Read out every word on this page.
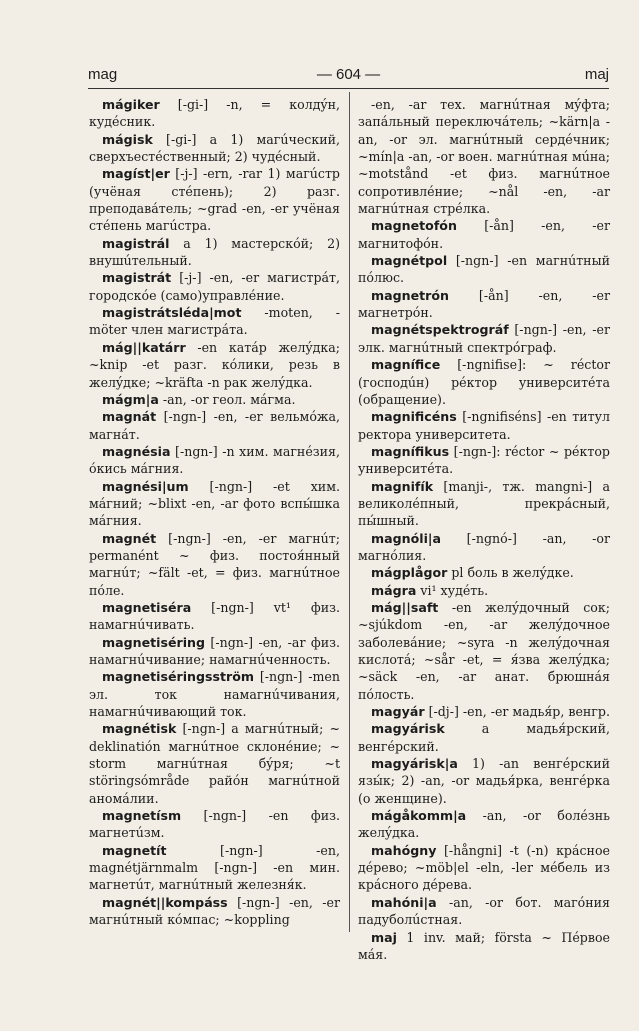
mag	— 604 —	maj

mágiker [-gi-] -n, = колдýн, кудéсник.

mágisk [-gi-] a 1) магúческий, сверхъестéственный; 2) чудéсный.

magíst|er [-j-] -ern, -rar 1) магúстр (учёная стéпень); 2) разг. преподавáтель; ~grad -en, -er учёная стéпень магúстра.

magistrál a 1) мастерскóй; 2) внушúтельный.

magistrát [-j-] -en, -er магистрáт, городскóе (само)управлéние.

magistrátsléda|mot -moten, -möter член магистрáта.

mág||katárr -en катáр желýдка; ~knip -et разг. кóлики, резь в желýдке; ~kräfta -n рак желýдка.

mágm|a -an, -or геол. мáгма.

magnát [-ngn-] -en, -er вельмóжа, магнáт.

magnésia [-ngn-] -n хим. магнéзия, óкись мáгния.

magnési|um [-ngn-] -et хим. мáгний; ~blixt -en, -ar фото вспы́шка мáгния.

magnét [-ngn-] -en, -er магнúт; permanént ~ физ. постоя́нный магнúт; ~fält -et, = физ. магнúтное пóле.

magnetiséra [-ngn-] vt¹ физ. намагнúчивать.

magnetiséring [-ngn-] -en, -ar физ. намагнúчивание; намагнúченность.

magnetiséringsström [-ngn-] -men эл. ток намагнúчивания, намагнúчивающий ток.

magnétisk [-ngn-] a магнúтный; ~ deklinatión магнúтное склонéние; ~ storm магнúтная бýря; ~t störingsómråde райóн магнúтной аномáлии.

magnetísm [-ngn-] -en физ. магнетúзм.

magnetít [-ngn-] -en, magnétjärnmalm [-ngn-] -en мин. магнетúт, магнúтный железня́к.

magnét||kompáss [-ngn-] -en, -er магнúтный кóмпас; ~koppling

-en, -ar тех. магнúтная мýфта; запáльный переключáтель; ~kärn|a -an, -or эл. магнúтный сердéчник; ~mín|a -an, -or воен. магнúтная мúна; ~motstånd -et физ. магнúтное сопротивлéние; ~nål -en, -ar магнúтная стрéлка.

magnetofón [-ån] -en, -er магнитофóн.

magnétpol [-ngn-] -en магнúтный пóлюс.

magnetrón [-ån] -en, -er магнетрóн.

magnétspektrográf [-ngn-] -en, -er элк. магнúтный спектрóграф.

magnífice [-ngnifise]: ~ réctor (господúн) рéктор университéта (обращение).

magnificéns [-ngnifiséns] -en титул ректора университета.

magnífikus [-ngn-]: réctor ~ рéктор университéта.

magnifík [manji-, тж. mangni-] a великолéпный, прекрáсный, пы́шный.

magnóli|a [-ngnó-] -an, -or магнóлия.

mágplågor pl боль в желýдке.

mágra vi¹ худéть.

mág||saft -en желýдочный сок; ~sjúkdom -en, -ar желýдочное заболевáние; ~syra -n желýдочная кислотá; ~sår -et, = я́зва желýдка; ~säck -en, -ar анат. брюшнáя пóлость.

magyár [-dj-] -en, -er мадья́р, венгр.

magyárisk a мадья́рский, венгéрский.

magyárisk|a 1) -an венгéрский язы́к; 2) -an, -or мадья́рка, венгéрка (о женщине).

mágåkomm|a -an, -or болéзнь желýдка.

mahógny [-hångni] -t (-n) крáсное дéрево; ~möb|el -eln, -ler мéбель из крáсного дéрева.

mahóni|a -an, -or бот. магóния падуболúстная.

maj 1 inv. май; första ~ Пéрвое мáя.
